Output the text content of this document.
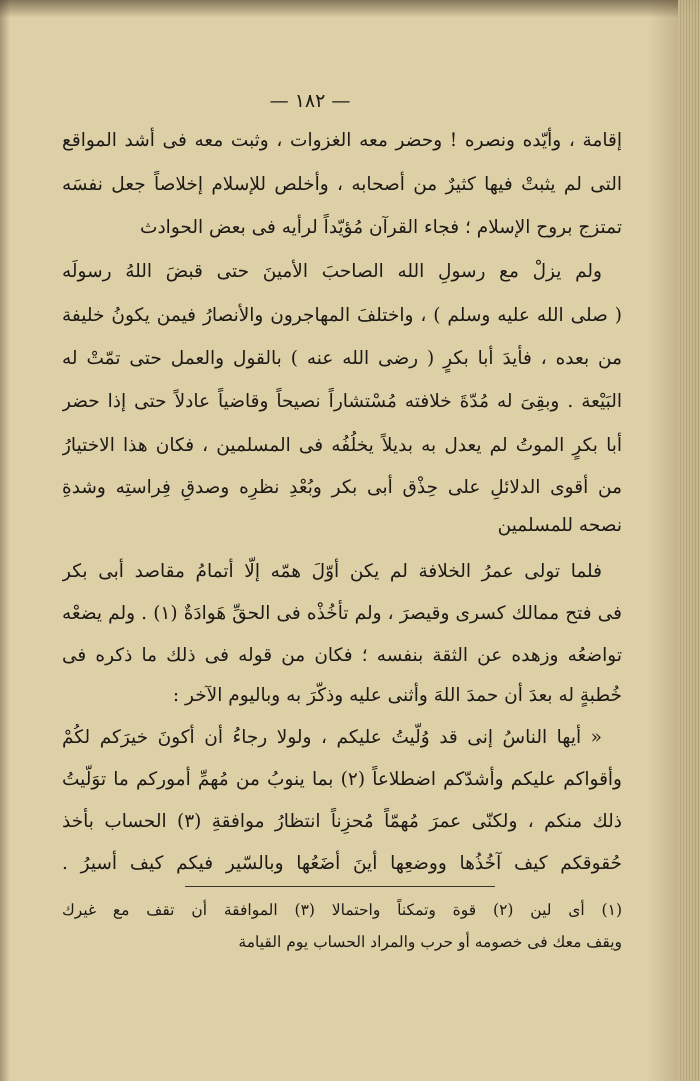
— ١٨٢ —
إقامة ، وأيّده ونصره ! وحضر معه الغزوات ، وثبت معه فى أشد المواقع
التى لم يثبتْ فيها كثيرٌ من أصحابه ، وأخلص للإسلام إخلاصاً جعل نفسَه
تمتزج بروح الإسلام ؛ فجاء القرآن مُؤيّداً لرأيه فى بعض الحوادث
ولم يزلْ مع رسولِ الله الصاحبَ الأمينَ حتى قبضَ اللهُ رسولَه
( صلى الله عليه وسلم ) ، واختلفَ المهاجرون والأنصارُ فيمن يكونُ خليفة
من بعده ، فأيدَ أبا بكرٍ ( رضى الله عنه ) بالقول والعمل حتى تمّتْ له
البَيْعة . وبقِىَ له مُدّةَ خلافته مُسْتشاراً نصيحاً وقاضياً عادلاً حتى إذا حضر
أبا بكرٍ الموتُ لم يعدل به بديلاً يخلُفُه فى المسلمين ، فكان هذا الاختيارُ
من أقوى الدلائلِ على حِذْق أبى بكر وبُعْدِ نظرِه وصدقِ فِراستِه وشدةِ
نصحه للمسلمين
فلما تولى عمرُ الخلافة لم يكن أوّلَ همّه إلّا أتمامُ مقاصد أبى بكر
فى فتح ممالك كسرى وقيصرَ ، ولم تأخُذْه فى الحقِّ هَوادَةٌ (١) . ولم يضعْه
تواضعُه وزهده عن الثقة بنفسه ؛ فكان من قوله فى ذلك ما ذكره فى
خُطبةٍ له بعدَ أن حمدَ اللهَ وأثنى عليه وذكّرَ به وباليوم الآخر :
« أيها الناسُ إنى قد وُلّيتُ عليكم ، ولولا رجاءُ أن أكونَ خيرَكم لكُمْ
وأقواكم عليكم وأشدّكم اضطلاعاً (٢) بما ينوبُ من مُهمِّ أموركم ما توَلّيتُ
ذلك منكم ، ولكنّى عمرَ مُهمّاً مُحزِناً انتظارُ موافقةِ (٣) الحساب بأخذ
حُقوقكم كيف آخُذُها ووضعِها أينَ أضَعُها وبالسّير فيكم كيف أسيرُ .
(١) أى لين (٢) قوة وتمكناً واحتمالا (٣) الموافقة أن تقف مع غيرك
ويقف معك فى خصومه أو حرب والمراد الحساب يوم القيامة
